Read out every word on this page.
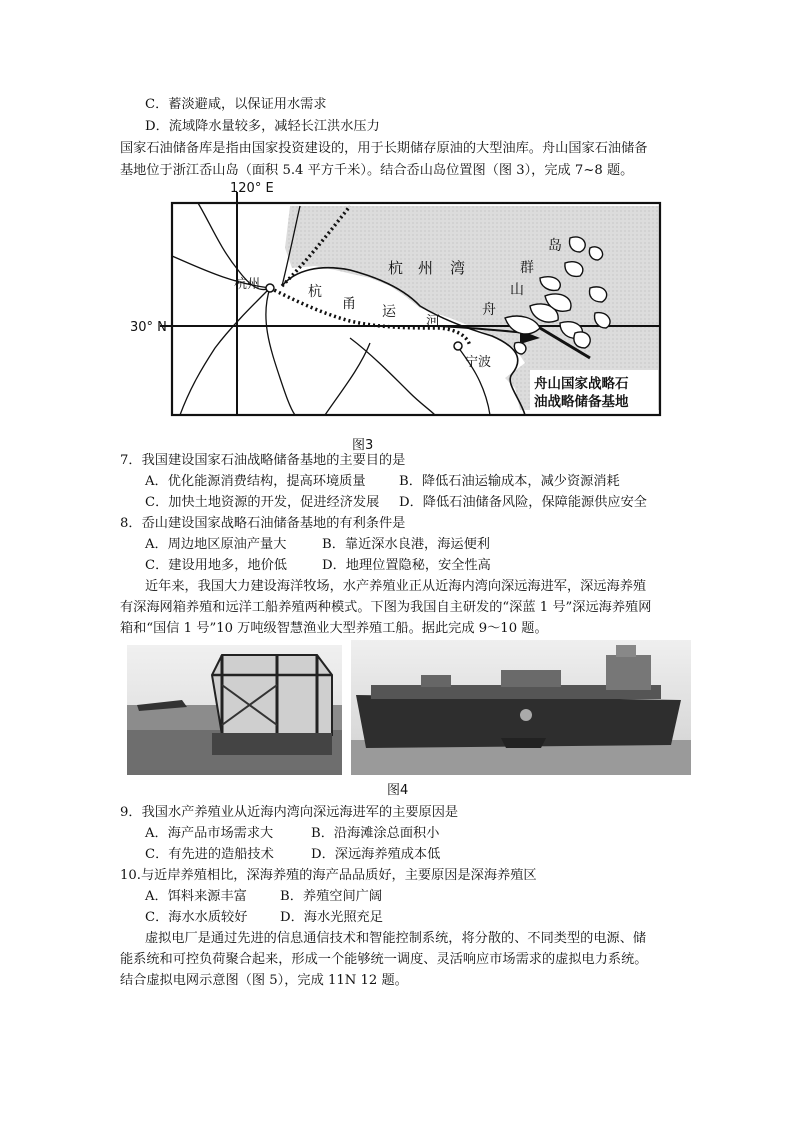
C．蓄淡避咸，以保证用水需求
D．流域降水量较多，减轻长江洪水压力
国家石油储备库是指由国家投资建设的，用于长期储存原油的大型油库。舟山国家石油储备
基地位于浙江岙山岛（面积 5.4 平方千米）。结合岙山岛位置图（图 3），完成 7~8 题。
120° E
30° N
杭州
宁波
杭 州 湾
杭
甬 运
河
舟
山
群
岛
舟山国家战略石
油战略储备基地
图3
7．我国建设国家石油战略储备基地的主要目的是
A．优化能源消费结构，提高环境质量	B．降低石油运输成本，减少资源消耗
C．加快土地资源的开发，促进经济发展 D．降低石油储备风险，保障能源供应安全
8．岙山建设国家战略石油储备基地的有利条件是
A．周边地区原油产量大	B．靠近深水良港，海运便利
C．建设用地多，地价低	D．地理位置隐秘，安全性高
近年来，我国大力建设海洋牧场，水产养殖业正从近海内湾向深远海进军，深远海养殖
有深海网箱养殖和远洋工船养殖两种模式。下图为我国自主研发的“深蓝 1 号”深远海养殖网
箱和“国信 1 号”10 万吨级智慧渔业大型养殖工船。据此完成 9～10 题。
图4
9．我国水产养殖业从近海内湾向深远海进军的主要原因是
A．海产品市场需求大	B．沿海滩涂总面积小
C．有先进的造船技术	D．深远海养殖成本低
10.与近岸养殖相比，深海养殖的海产品品质好，主要原因是深海养殖区
A．饵料来源丰富	B．养殖空间广阔
C．海水水质较好 D．海水光照充足
虚拟电厂是通过先进的信息通信技术和智能控制系统，将分散的、不同类型的电源、储
能系统和可控负荷聚合起来，形成一个能够统一调度、灵活响应市场需求的虚拟电力系统。
结合虚拟电网示意图（图 5），完成 11N 12 题。
